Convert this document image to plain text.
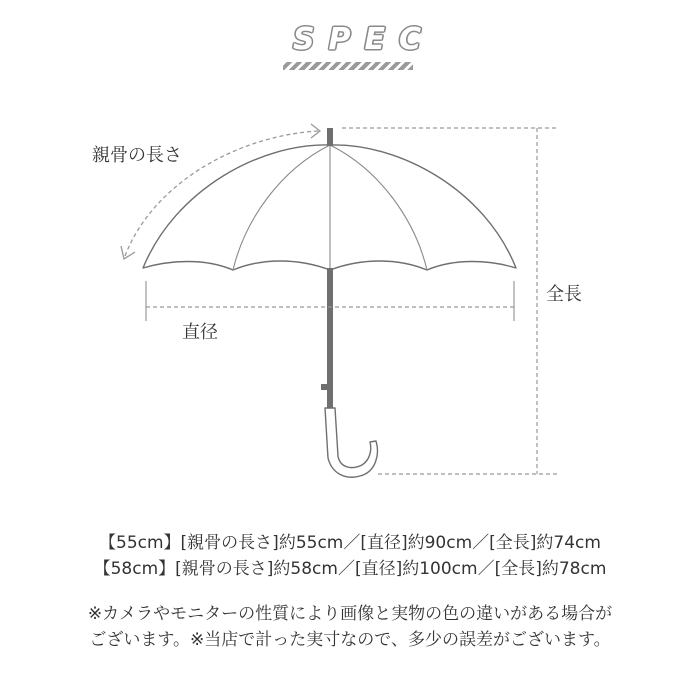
SPEC
親骨の長さ
直径
全長
【55cm】[親骨の長さ]約55cm／[直径]約90cm／[全長]約74cm
【58cm】[親骨の長さ]約58cm／[直径]約100cm／[全長]約78cm
※カメラやモニターの性質により画像と実物の色の違いがある場合が
ございます。※当店で計った実寸なので、多少の誤差がございます。
